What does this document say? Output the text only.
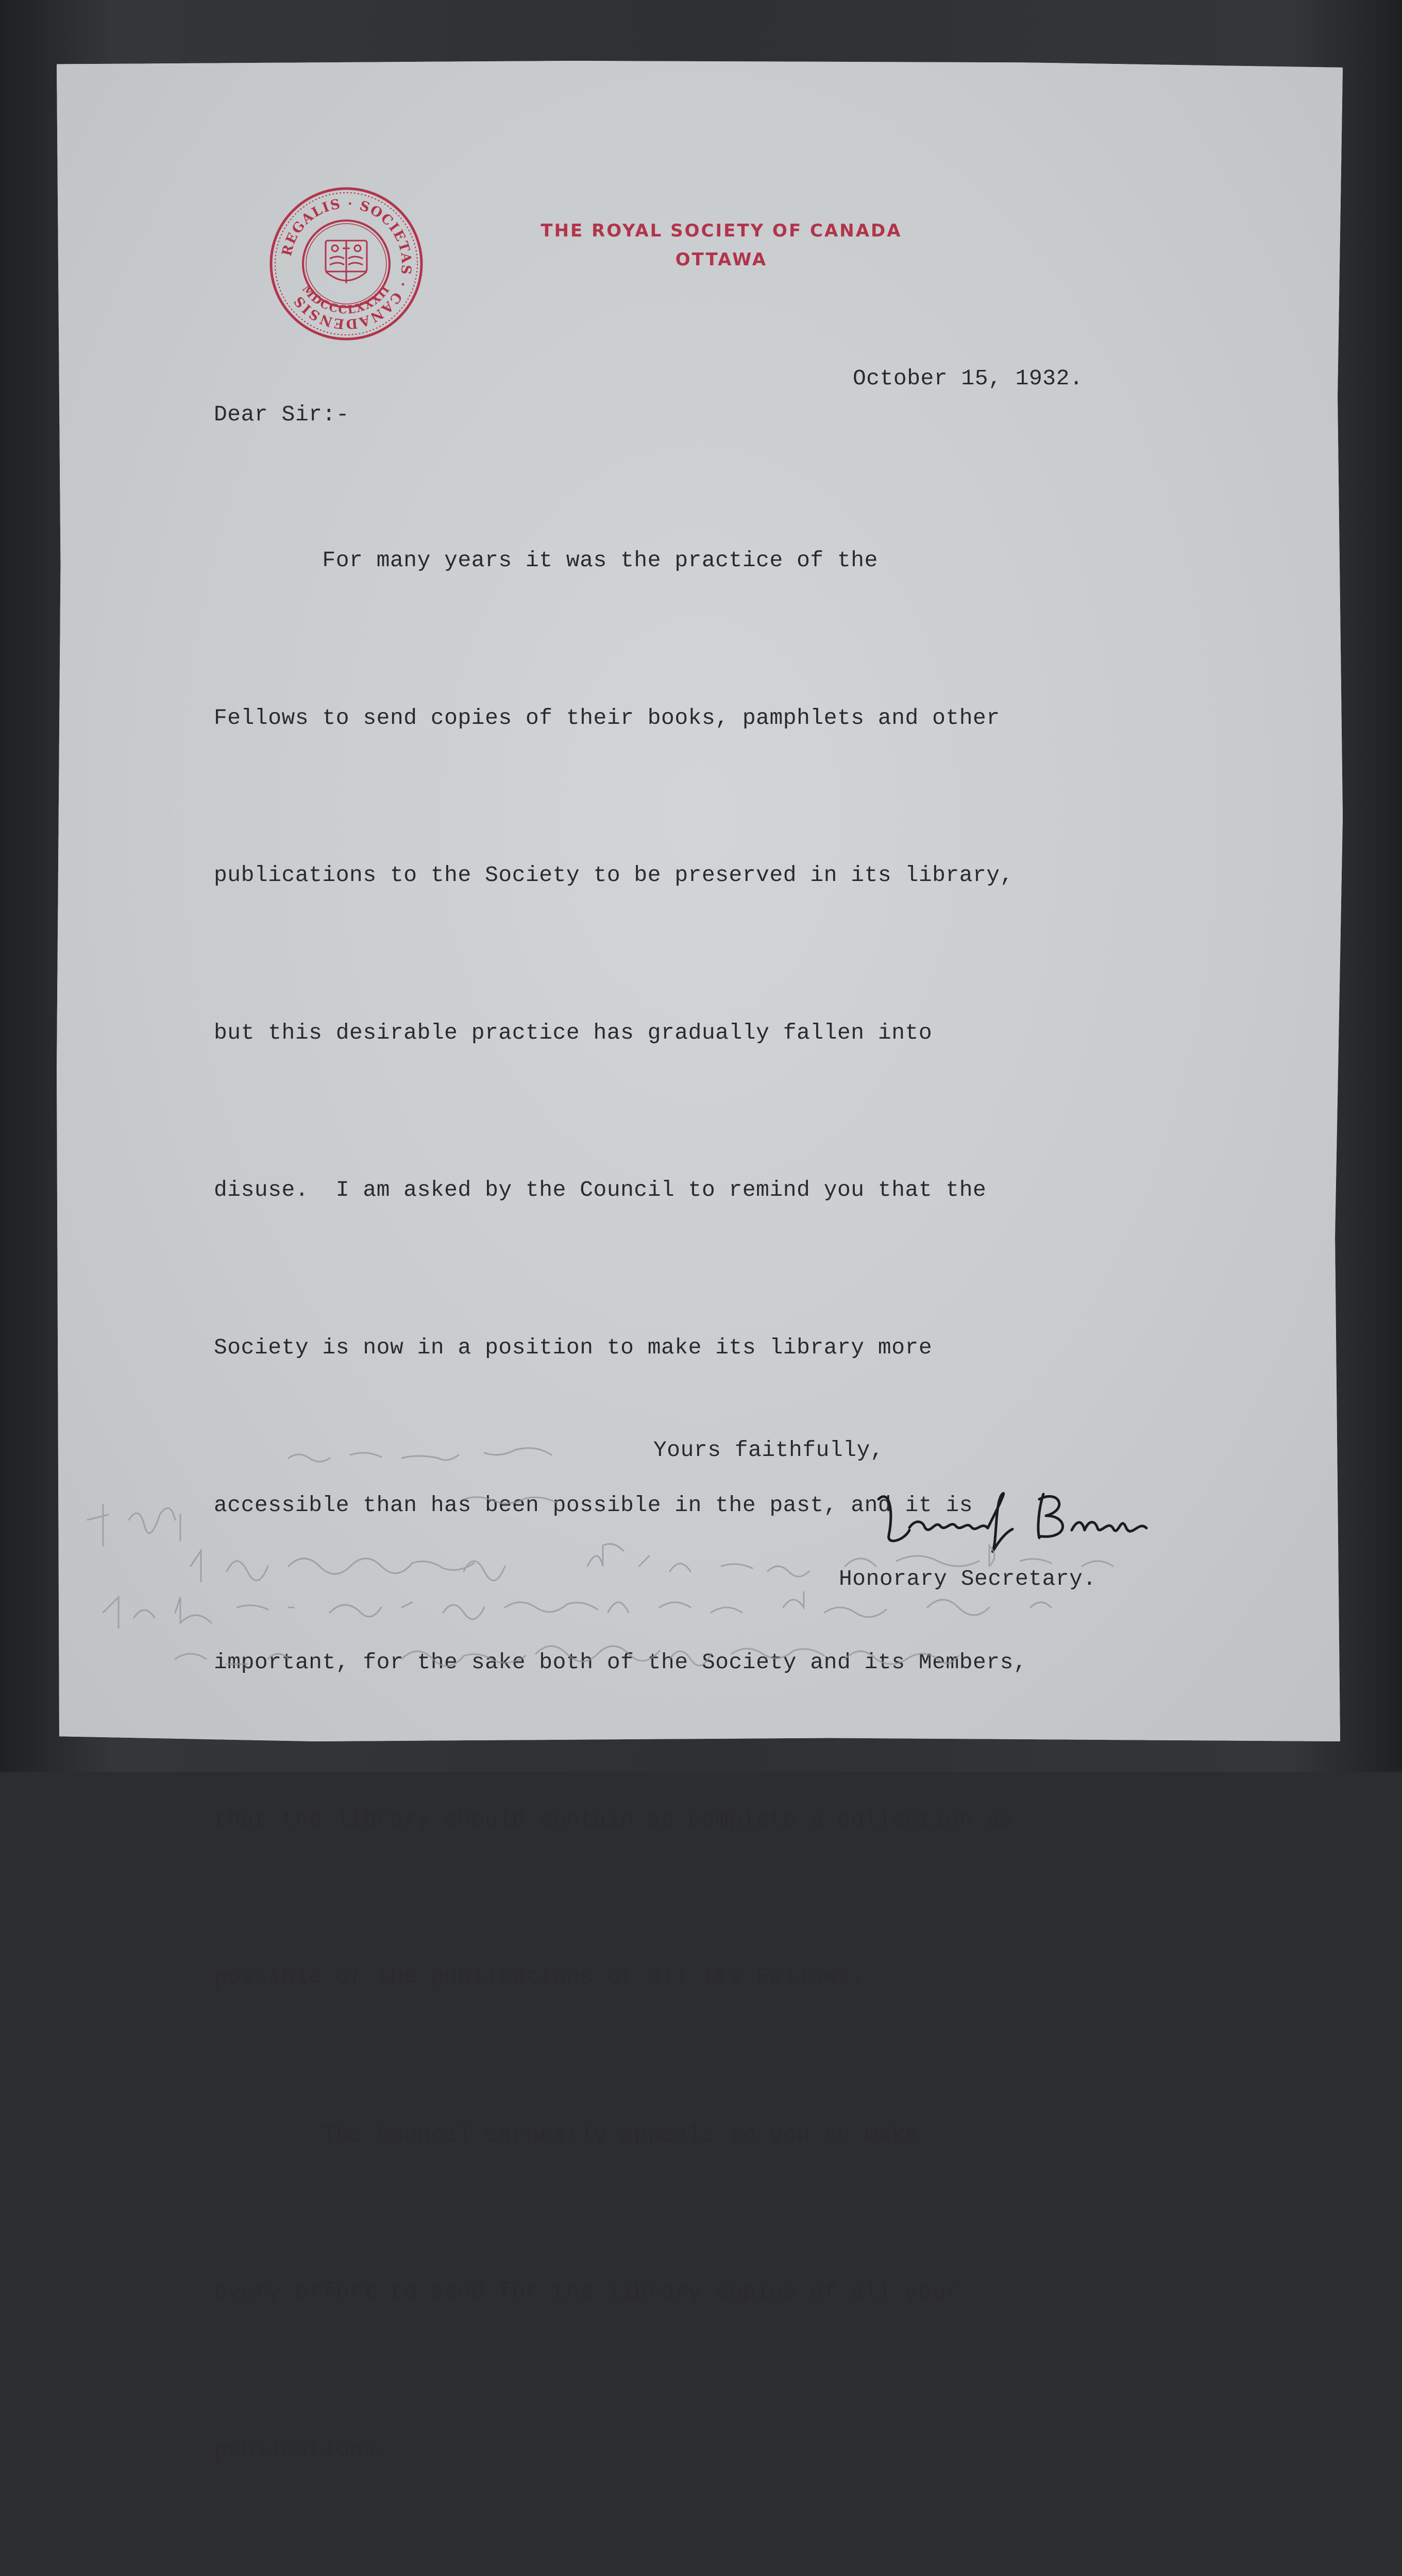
REGALIS · SOCIETAS · CANADENSIS
MDCCCLXXXII
THE ROYAL SOCIETY OF CANADA
OTTAWA
October 15, 1932.
Dear Sir:-

For many years it was the practice of the

Fellows to send copies of their books, pamphlets and other

publications to the Society to be preserved in its library,

but this desirable practice has gradually fallen into

disuse.  I am asked by the Council to remind you that the

Society is now in a position to make its library more

accessible than has been possible in the past, and it is

important, for the sake both of the Society and its Members,

that the library should contain as complete a collection as

possible of the publications of all its Fellows.

The Council earnestly appeals to you to make

every effort to send for the library copies of all your

publications.

Yours faithfully,
Honorary Secretary.
